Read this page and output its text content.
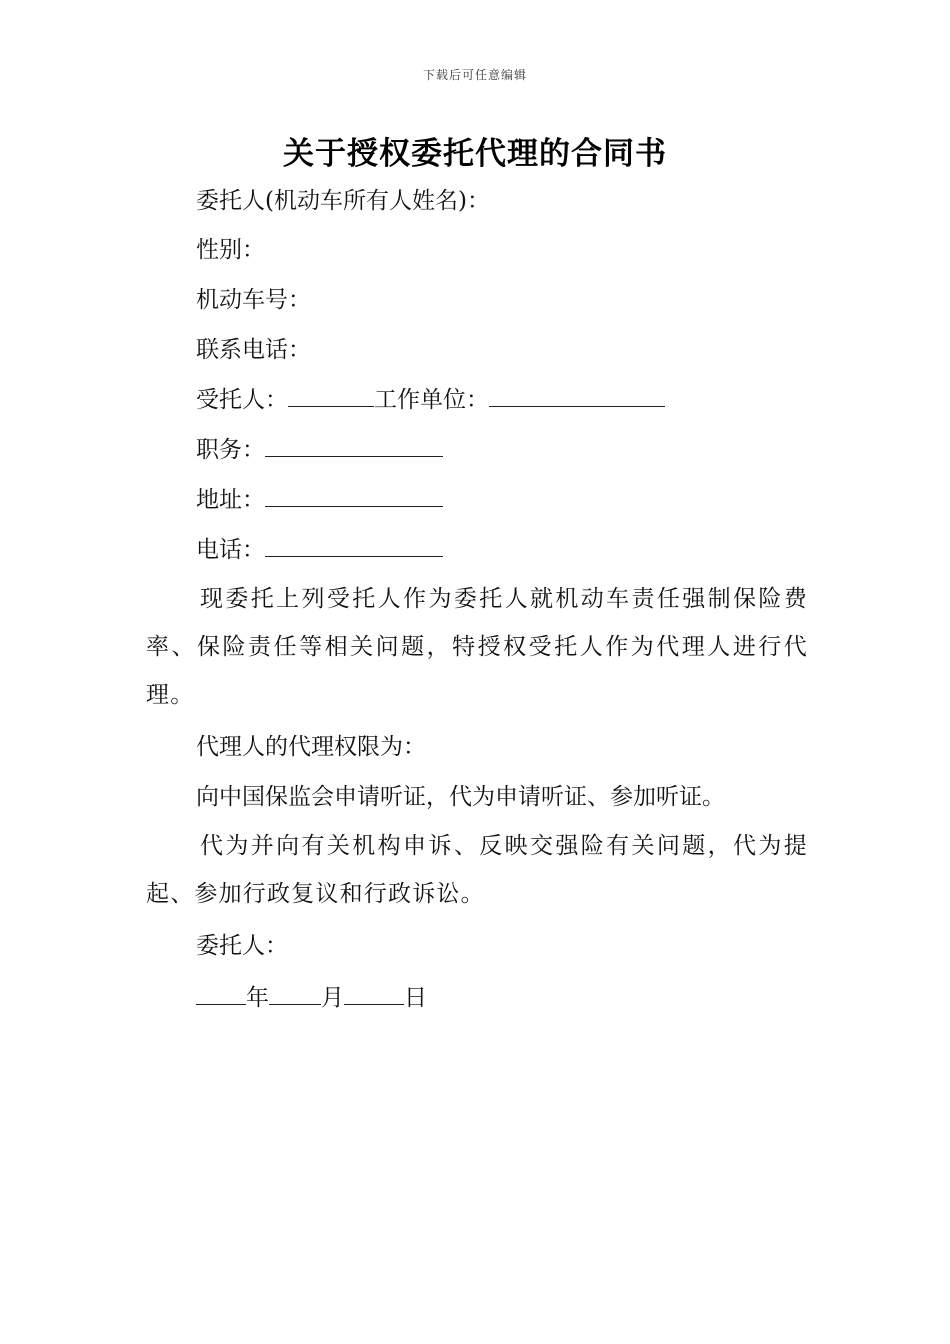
下载后可任意编辑
关于授权委托代理的合同书
委托人(机动车所有人姓名)：
性别：
机动车号：
联系电话：
受托人：	工作单位：
职务：
地址：
电话：
现委托上列受托人作为委托人就机动车责任强制保险费率、保险责任等相关问题，特授权受托人作为代理人进行代理。
代理人的代理权限为：
向中国保监会申请听证，代为申请听证、参加听证。
代为并向有关机构申诉、反映交强险有关问题，代为提起、参加行政复议和行政诉讼。
委托人：
年 月	日
